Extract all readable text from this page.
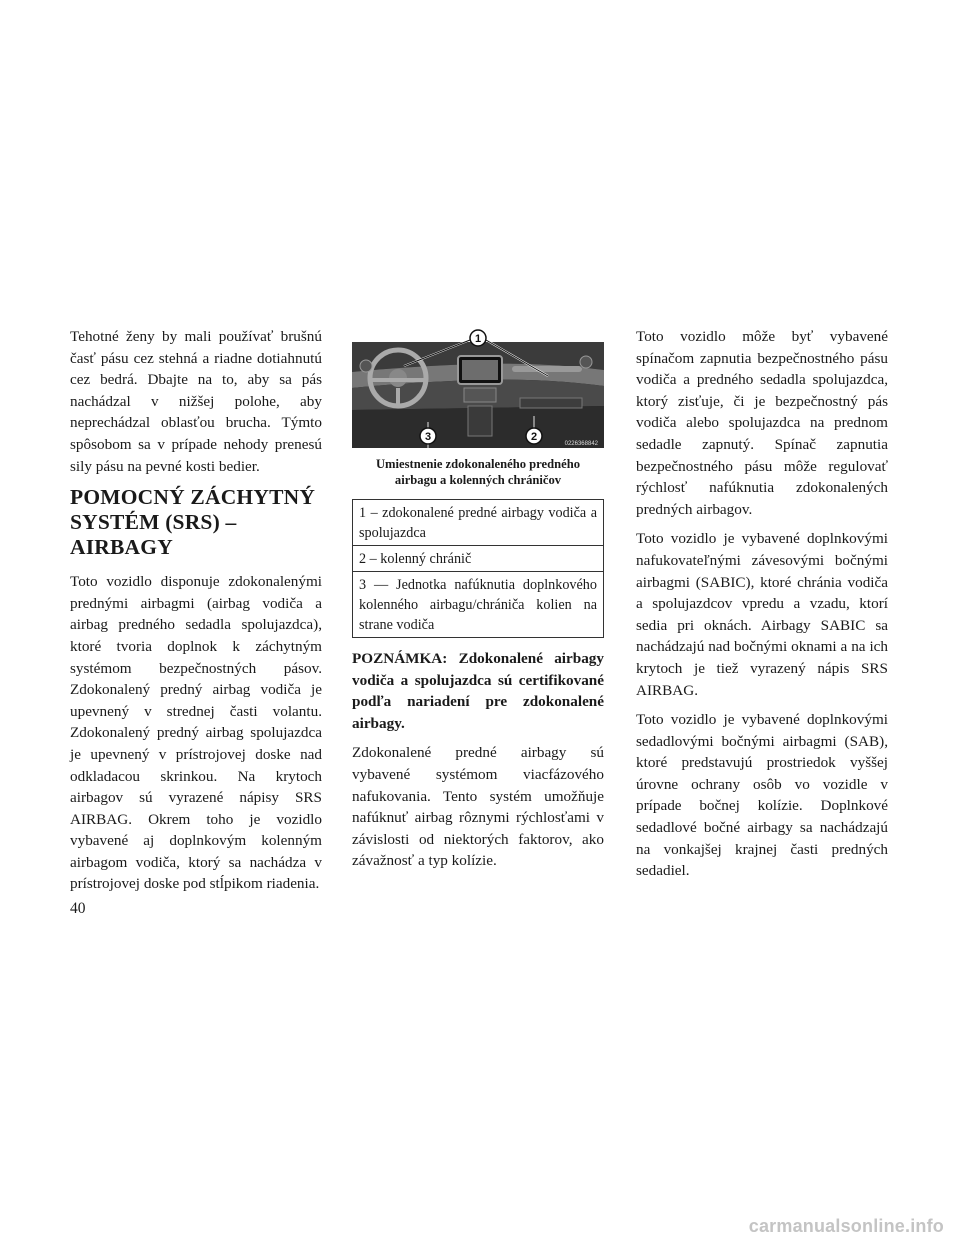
Tehotné ženy by mali používať brušnú časť pásu cez stehná a riadne dotiahnutú cez bedrá. Dbajte na to, aby sa pás nachádzal v nižšej polohe, aby neprechádzal oblasťou brucha. Týmto spôsobom sa v prípade nehody prenesú sily pásu na pevné kosti bedier.

POMOCNÝ ZÁCHYTNÝ
SYSTÉM (SRS) – AIRBAGY

Toto vozidlo disponuje zdokonalenými prednými airbagmi (airbag vodiča a airbag predného sedadla spolujazdca), ktoré tvoria doplnok k záchytným systémom bezpečnostných pásov. Zdokonalený predný airbag vodiča je upevnený v strednej časti volantu. Zdokonalený predný airbag spolujazdca je upevnený v prístrojovej doske nad odkladacou skrinkou. Na krytoch airbagov sú vyrazené nápisy SRS AIRBAG. Okrem toho je vozidlo vybavené aj doplnkovým kolenným airbagom vodiča, ktorý sa nachádza v prístrojovej doske pod stĺpikom riadenia.

1
3	2
0226368842
Umiestnenie zdokonaleného predného
airbagu a kolenných chráničov
1 – zdokonalené predné airbagy vodiča a spolujazdca
2 – kolenný chránič
3 — Jednotka nafúknutia doplnkového kolenného airbagu/chrániča kolien na strane vodiča
POZNÁMKA: Zdokonalené airbagy vodiča a spolujazdca sú certifikované podľa nariadení pre zdokonalené airbagy.

Zdokonalené predné airbagy sú vybavené systémom viacfázového nafukovania. Tento systém umožňuje nafúknuť airbag rôznymi rýchlosťami v závislosti od niektorých faktorov, ako závažnosť a typ kolízie.

Toto vozidlo môže byť vybavené spínačom zapnutia bezpečnostného pásu vodiča a predného sedadla spolujazdca, ktorý zisťuje, či je bezpečnostný pás vodiča alebo spolujazdca na prednom sedadle zapnutý. Spínač zapnutia bezpečnostného pásu môže regulovať rýchlosť nafúknutia zdokonalených predných airbagov.

Toto vozidlo je vybavené doplnkovými nafukovateľnými závesovými bočnými airbagmi (SABIC), ktoré chránia vodiča a spolujazdcov vpredu a vzadu, ktorí sedia pri oknách. Airbagy SABIC sa nachádzajú nad bočnými oknami a na ich krytoch je tiež vyrazený nápis SRS AIRBAG.

Toto vozidlo je vybavené doplnkovými sedadlovými bočnými airbagmi (SAB), ktoré predstavujú prostriedok vyššej úrovne ochrany osôb vo vozidle v prípade bočnej kolízie. Doplnkové sedadlové bočné airbagy sa nachádzajú na vonkajšej krajnej časti predných sedadiel.

40
carmanualsonline.info
